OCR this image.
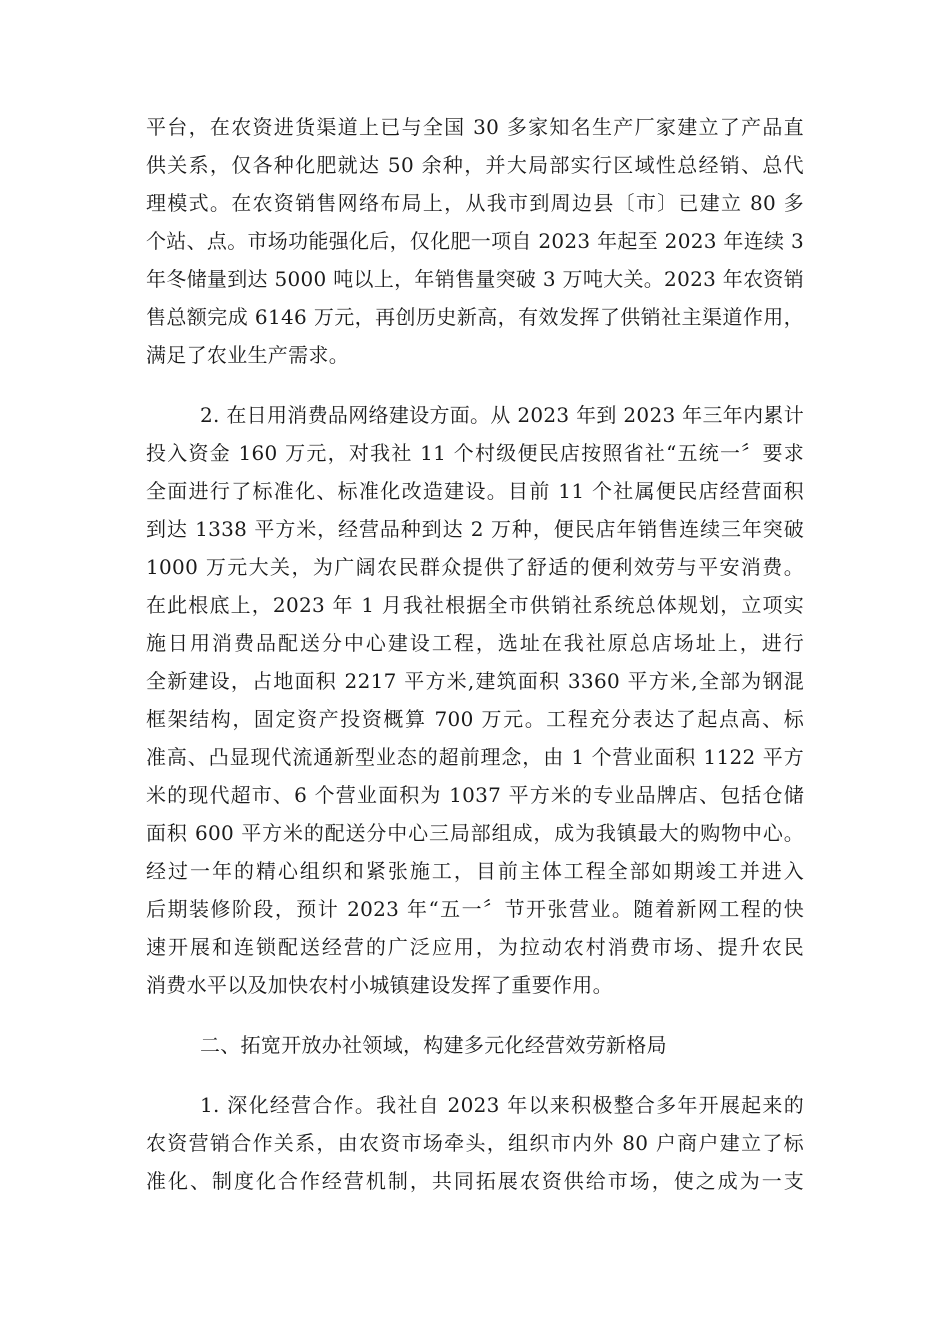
平台，在农资进货渠道上已与全国 30 多家知名生产厂家建立了产品直
供关系，仅各种化肥就达 50 余种，并大局部实行区域性总经销、总代
理模式。在农资销售网络布局上，从我市到周边县〔市〕已建立 80 多
个站、点。市场功能强化后，仅化肥一项自 2023 年起至 2023 年连续 3
年冬储量到达 5000 吨以上，年销售量突破 3 万吨大关。2023 年农资销
售总额完成 6146 万元，再创历史新高，有效发挥了供销社主渠道作用，
满足了农业生产需求。
2. 在日用消费品网络建设方面。从 2023 年到 2023 年三年内累计
投入资金 160 万元，对我社 11 个村级便民店按照省社“五统一〞要求
全面进行了标准化、标准化改造建设。目前 11 个社属便民店经营面积
到达 1338 平方米，经营品种到达 2 万种，便民店年销售连续三年突破
1000 万元大关，为广阔农民群众提供了舒适的便利效劳与平安消费。
在此根底上，2023 年 1 月我社根据全市供销社系统总体规划，立项实
施日用消费品配送分中心建设工程，选址在我社原总店场址上，进行
全新建设，占地面积 2217 平方米,建筑面积 3360 平方米,全部为钢混
框架结构，固定资产投资概算 700 万元。工程充分表达了起点高、标
准高、凸显现代流通新型业态的超前理念，由 1 个营业面积 1122 平方
米的现代超市、6 个营业面积为 1037 平方米的专业品牌店、包括仓储
面积 600 平方米的配送分中心三局部组成，成为我镇最大的购物中心。
经过一年的精心组织和紧张施工，目前主体工程全部如期竣工并进入
后期装修阶段，预计 2023 年“五一〞节开张营业。随着新网工程的快
速开展和连锁配送经营的广泛应用，为拉动农村消费市场、提升农民
消费水平以及加快农村小城镇建设发挥了重要作用。
二、拓宽开放办社领域，构建多元化经营效劳新格局
1. 深化经营合作。我社自 2023 年以来积极整合多年开展起来的
农资营销合作关系，由农资市场牵头，组织市内外 80 户商户建立了标
准化、制度化合作经营机制，共同拓展农资供给市场，使之成为一支
